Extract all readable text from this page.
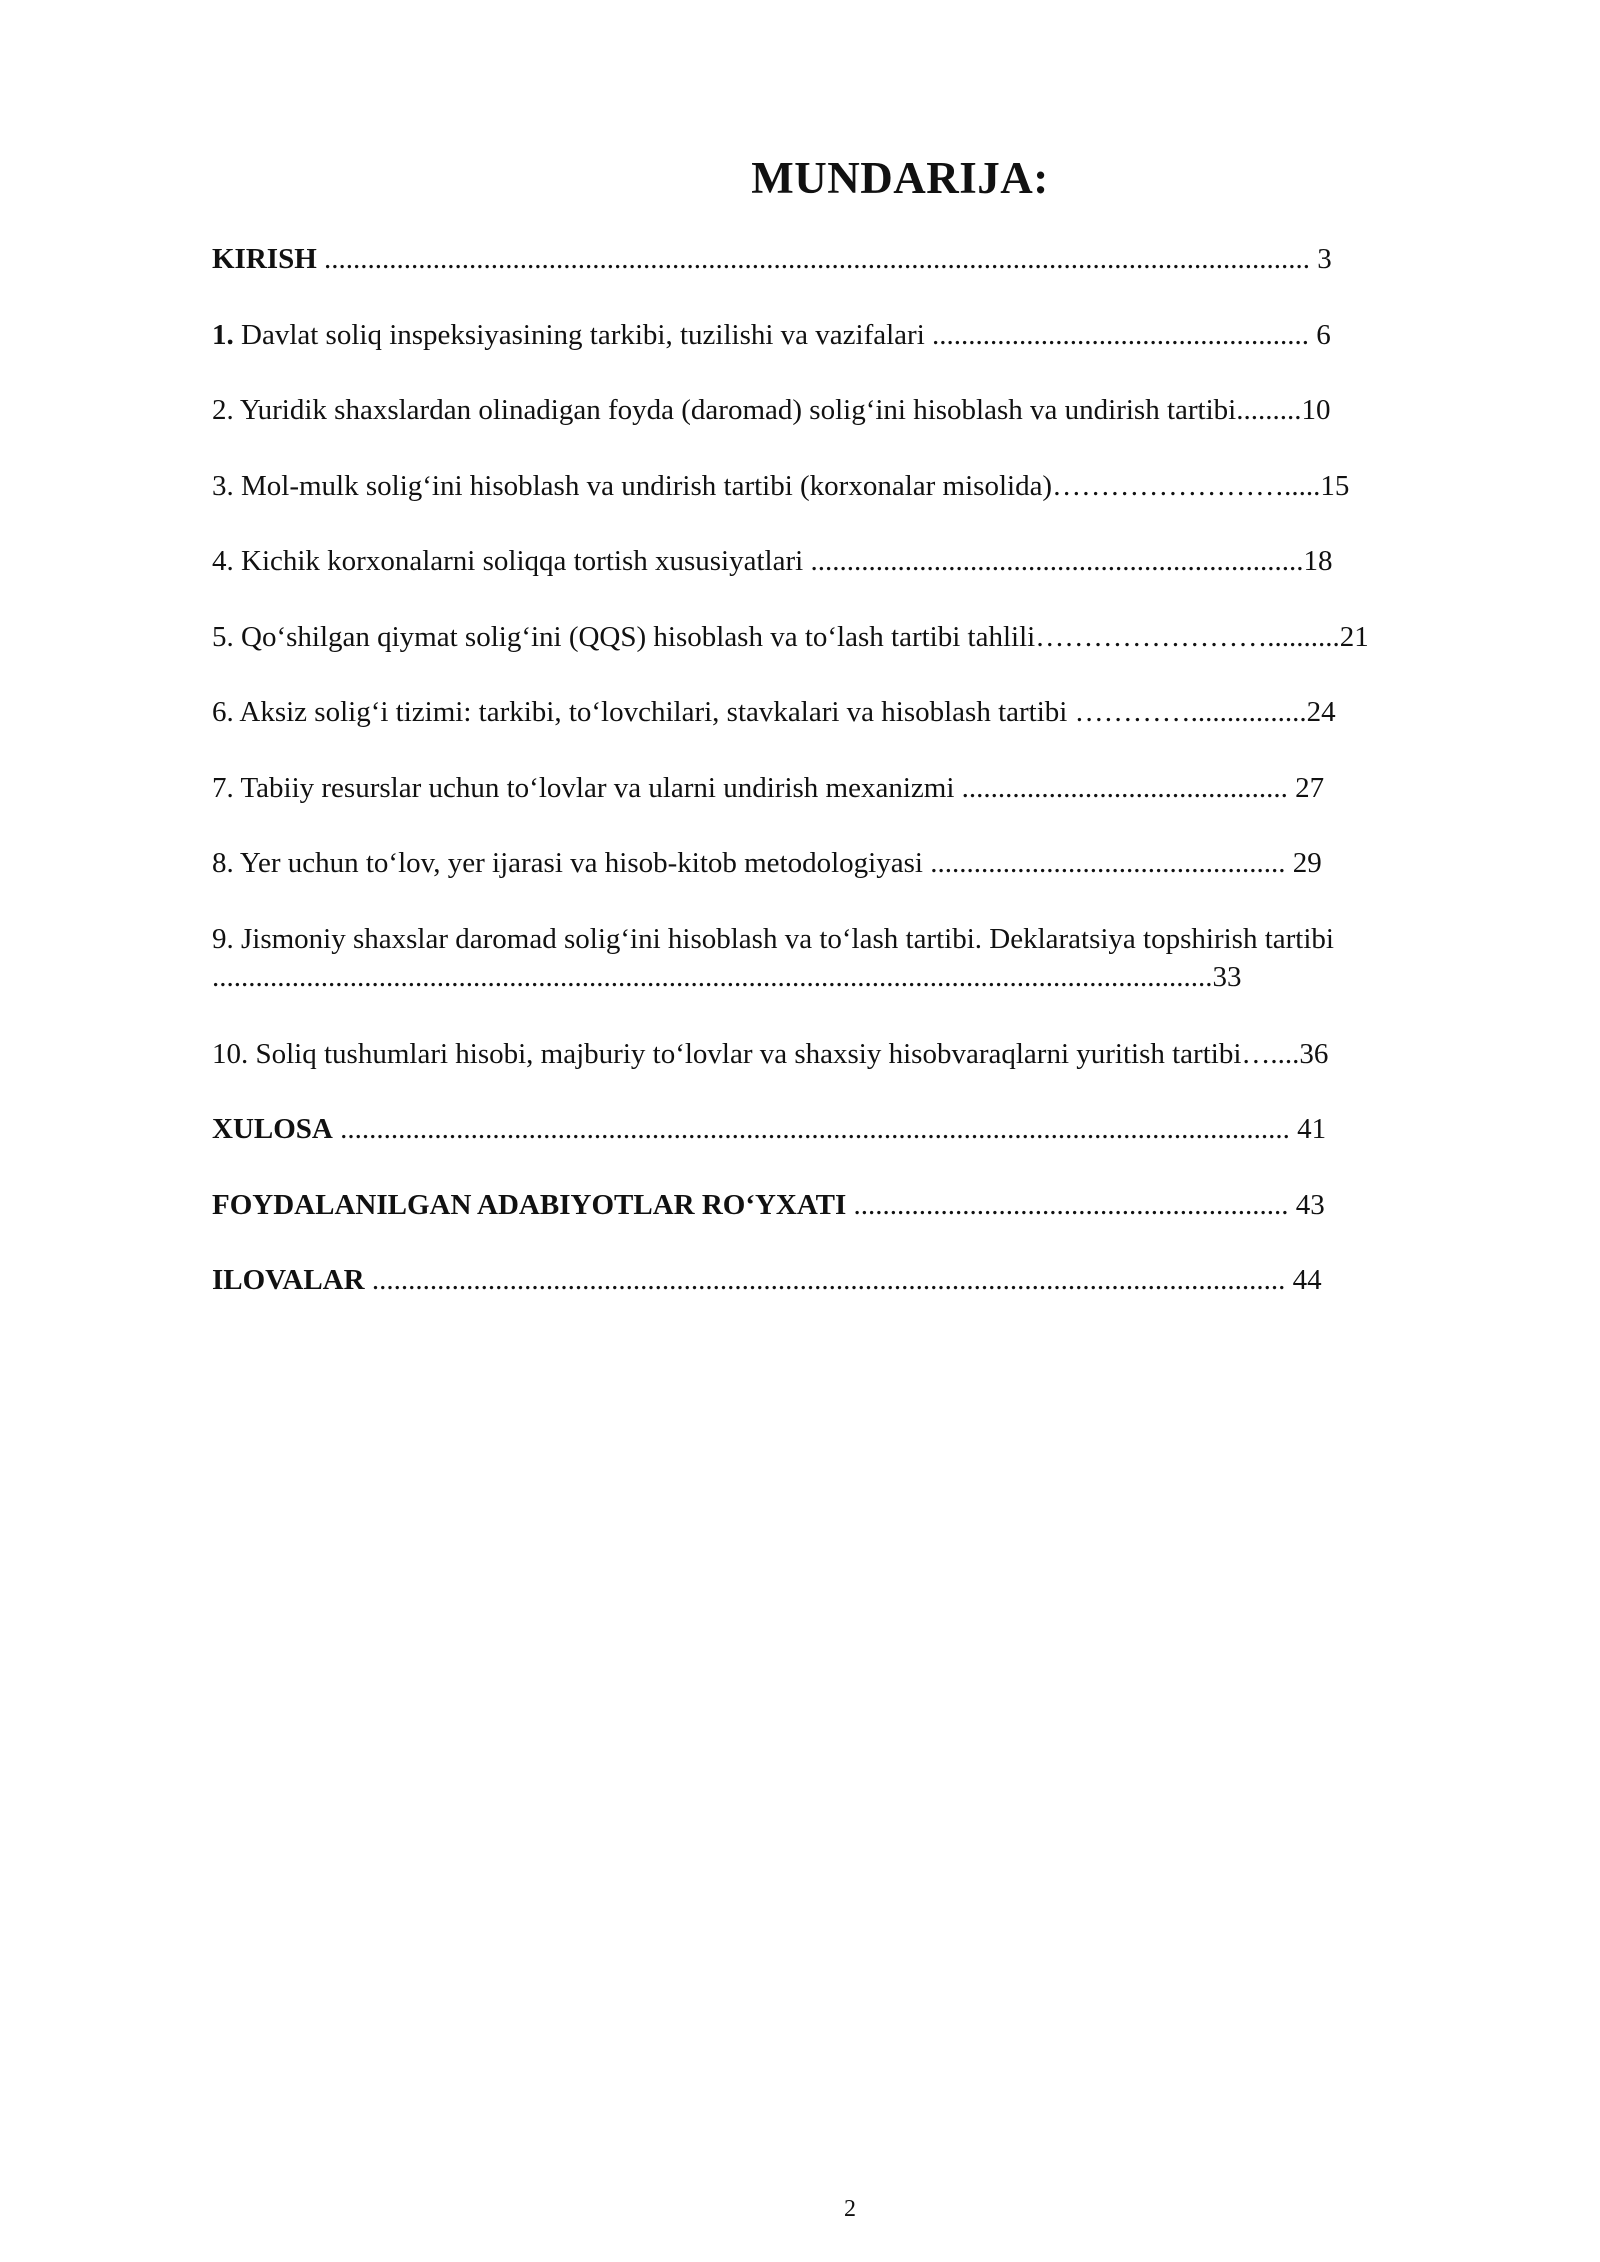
MUNDARIJA:
KIRISH ........................................................................................................................................ 3
1. Davlat soliq inspeksiyasining tarkibi, tuzilishi va vazifalari .................................................... 6
2. Yuridik shaxslardan olinadigan foyda (daromad) solig‘ini hisoblash va undirish tartibi.........10
3. Mol-mulk solig‘ini hisoblash va undirish tartibi (korxonalar misolida)…………………….....15
4. Kichik korxonalarni soliqqa tortish xususiyatlari ....................................................................18
5. Qo‘shilgan qiymat solig‘ini (QQS) hisoblash va to‘lash tartibi tahlili……………………..........21
6. Aksiz solig‘i tizimi: tarkibi, to‘lovchilari, stavkalari va hisoblash tartibi …………................24
7. Tabiiy resurslar uchun to‘lovlar va ularni undirish mexanizmi ............................................. 27
8. Yer uchun to‘lov, yer ijarasi va hisob-kitob metodologiyasi ................................................. 29
9. Jismoniy shaxslar daromad solig‘ini hisoblash va to‘lash tartibi. Deklaratsiya topshirish tartibi ..........................................................................................................................................33
10. Soliq tushumlari hisobi, majburiy to‘lovlar va shaxsiy hisobvaraqlarni yuritish tartibi…....36
XULOSA ................................................................................................................................... 41
FOYDALANILGAN ADABIYOTLAR RO‘YXATI ............................................................ 43
ILOVALAR .............................................................................................................................. 44
2
